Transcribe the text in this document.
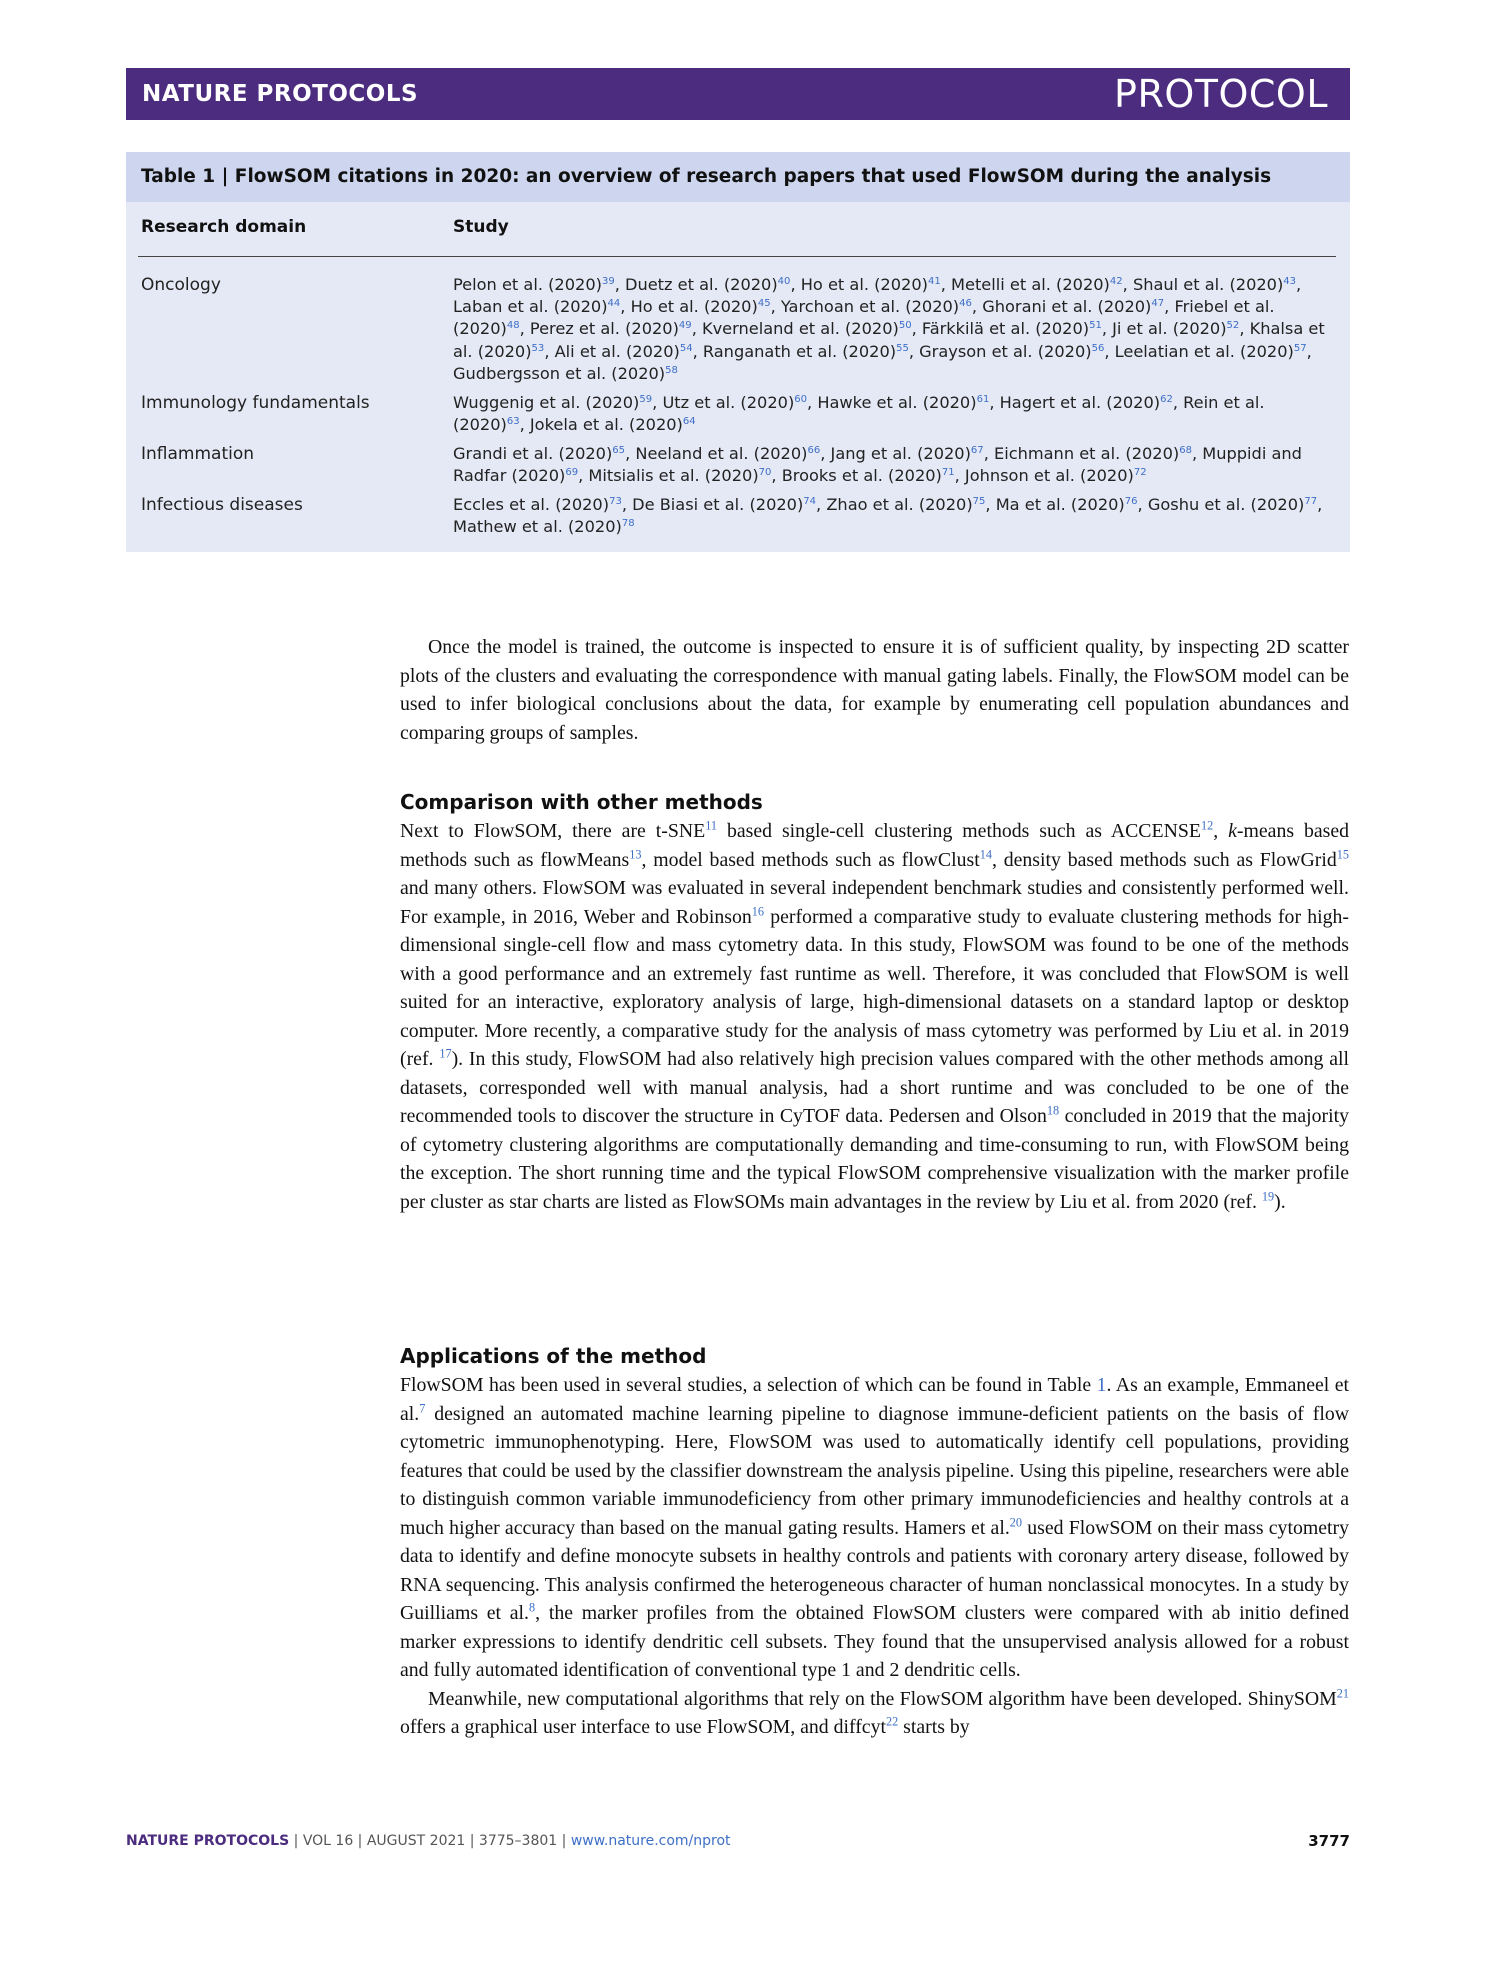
NATURE PROTOCOLS	PROTOCOL
Table 1 | FlowSOM citations in 2020: an overview of research papers that used FlowSOM during the analysis
Research domain	Study
Oncology	Pelon et al. $(2020)^{39}$, Duetz et al. $(2020)^{40}$, Ho et al. $(2020)^{41}$, Metelli et al. $(2020)^{42}$, Shaul et al. $(2020)^{43}$, Laban et al. $(2020)^{44}$, Ho et al. $(2020)^{45}$, Yarchoan et al. $(2020)^{46}$, Ghorani et al. $(2020)^{47}$, Friebel et al. $(2020)^{48}$, Perez et al. $(2020)^{49}$, Kverneland et al. $(2020)^{50}$, Färkkilä et al. $(2020)^{51}$, Ji et al. $(2020)^{52}$, Khalsa et al. $(2020)^{53}$, Ali et al. $(2020)^{54}$, Ranganath et al. $(2020)^{55}$, Grayson et al. $(2020)^{56}$, Leelatian et al. $(2020)^{57}$, Gudbergsson et al. $(2020)^{58}$
Immunology fundamentals	Wuggenig et al. $(2020)^{59}$, Utz et al. $(2020)^{60}$, Hawke et al. $(2020)^{61}$, Hagert et al. $(2020)^{62}$, Rein et al. $(2020)^{63}$, Jokela et al. $(2020)^{64}$
Inflammation	Grandi et al. $(2020)^{65}$, Neeland et al. $(2020)^{66}$, Jang et al. $(2020)^{67}$, Eichmann et al. $(2020)^{68}$, Muppidi and Radfar $(2020)^{69}$, Mitsialis et al. $(2020)^{70}$, Brooks et al. $(2020)^{71}$, Johnson et al. $(2020)^{72}$
Infectious diseases	Eccles et al. $(2020)^{73}$, De Biasi et al. $(2020)^{74}$, Zhao et al. $(2020)^{75}$, Ma et al. $(2020)^{76}$, Goshu et al. $(2020)^{77}$, Mathew et al. $(2020)^{78}$

Once the model is trained, the outcome is inspected to ensure it is of sufficient quality, by inspecting 2D scatter plots of the clusters and evaluating the correspondence with manual gating labels. Finally, the FlowSOM model can be used to infer biological conclusions about the data, for example by enumerating cell population abundances and comparing groups of samples.

Comparison with other methods

Next to FlowSOM, there are t-SNE$^{11}$ based single-cell clustering methods such as ACCENSE$^{12}$, k-means based methods such as flowMeans$^{13}$, model based methods such as flowClust$^{14}$, density based methods such as FlowGrid$^{15}$ and many others. FlowSOM was evaluated in several independent benchmark studies and consistently performed well. For example, in 2016, Weber and Robinson$^{16}$ performed a comparative study to evaluate clustering methods for high-dimensional single-cell flow and mass cytometry data. In this study, FlowSOM was found to be one of the methods with a good performance and an extremely fast runtime as well. Therefore, it was concluded that FlowSOM is well suited for an interactive, exploratory analysis of large, high-dimensional datasets on a standard laptop or desktop computer. More recently, a comparative study for the analysis of mass cytometry was performed by Liu et al. in 2019 (ref. $^{17}$). In this study, FlowSOM had also relatively high precision values compared with the other methods among all datasets, corresponded well with manual analysis, had a short runtime and was concluded to be one of the recommended tools to discover the structure in CyTOF data. Pedersen and Olson$^{18}$ concluded in 2019 that the majority of cytometry clustering algorithms are computationally demanding and time-consuming to run, with FlowSOM being the exception. The short running time and the typical FlowSOM comprehensive visualization with the marker profile per cluster as star charts are listed as FlowSOMs main advantages in the review by Liu et al. from 2020 (ref. $^{19}$).

Applications of the method

FlowSOM has been used in several studies, a selection of which can be found in Table 1. As an example, Emmaneel et al.$^7$ designed an automated machine learning pipeline to diagnose immune-deficient patients on the basis of flow cytometric immunophenotyping. Here, FlowSOM was used to automatically identify cell populations, providing features that could be used by the classifier downstream the analysis pipeline. Using this pipeline, researchers were able to distinguish common variable immunodeficiency from other primary immunodeficiencies and healthy controls at a much higher accuracy than based on the manual gating results. Hamers et al.$^{20}$ used FlowSOM on their mass cytometry data to identify and define monocyte subsets in healthy controls and patients with coronary artery disease, followed by RNA sequencing. This analysis confirmed the heterogeneous character of human nonclassical monocytes. In a study by Guilliams et al.$^8$, the marker profiles from the obtained FlowSOM clusters were compared with ab initio defined marker expressions to identify dendritic cell subsets. They found that the unsupervised analysis allowed for a robust and fully automated identification of conventional type 1 and 2 dendritic cells.

Meanwhile, new computational algorithms that rely on the FlowSOM algorithm have been developed. ShinySOM$^{21}$ offers a graphical user interface to use FlowSOM, and diffcyt$^{22}$ starts by

NATURE PROTOCOLS | VOL 16 | AUGUST 2021 | 3775–3801 | www.nature.com/nprot	3777
